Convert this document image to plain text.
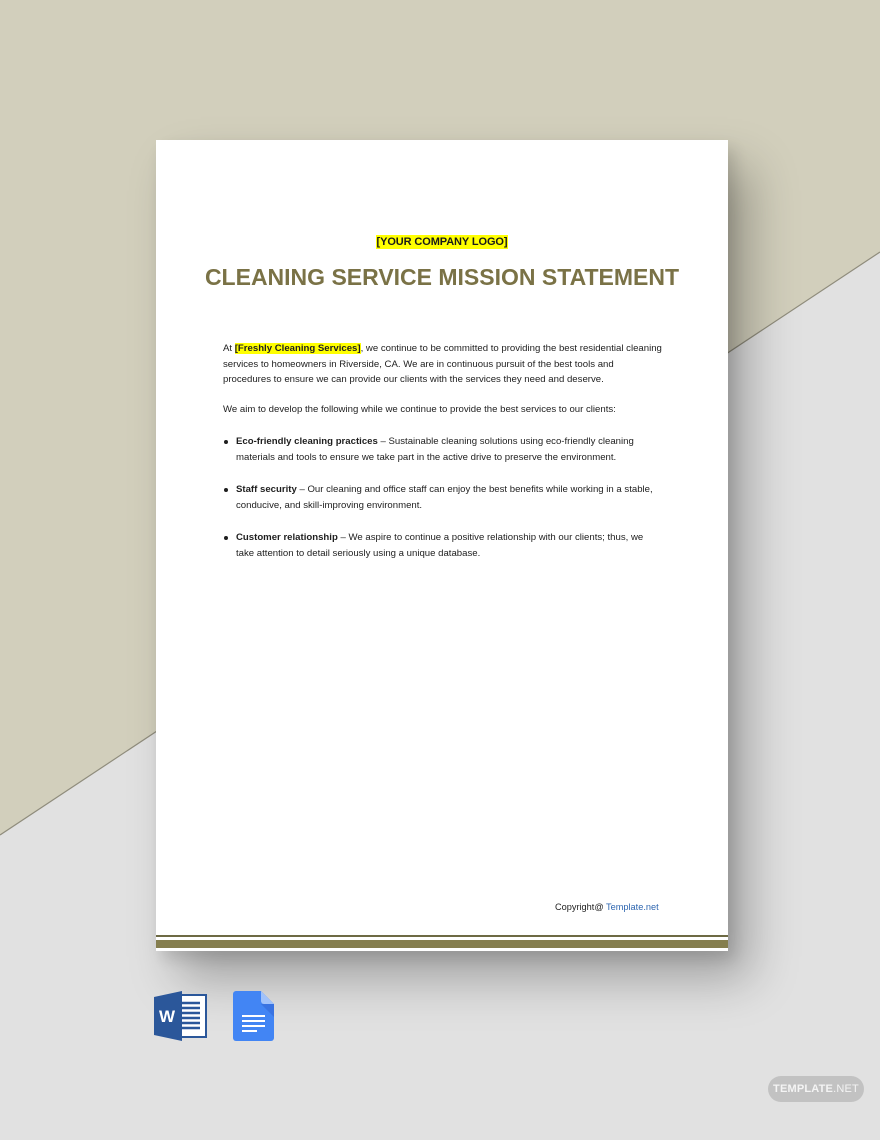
[YOUR COMPANY LOGO]
CLEANING SERVICE MISSION STATEMENT

At [Freshly Cleaning Services], we continue to be committed to providing the best residential cleaning services to homeowners in Riverside, CA. We are in continuous pursuit of the best tools and procedures to ensure we can provide our clients with the services they need and deserve.

We aim to develop the following while we continue to provide the best services to our clients:

Eco-friendly cleaning practices – Sustainable cleaning solutions using eco-friendly cleaning materials and tools to ensure we take part in the active drive to preserve the environment.
Staff security – Our cleaning and office staff can enjoy the best benefits while working in a stable, conducive, and skill-improving environment.
Customer relationship – We aspire to continue a positive relationship with our clients; thus, we take attention to detail seriously using a unique database.
Copyright@ Template.net
W
TEMPLATE.NET
